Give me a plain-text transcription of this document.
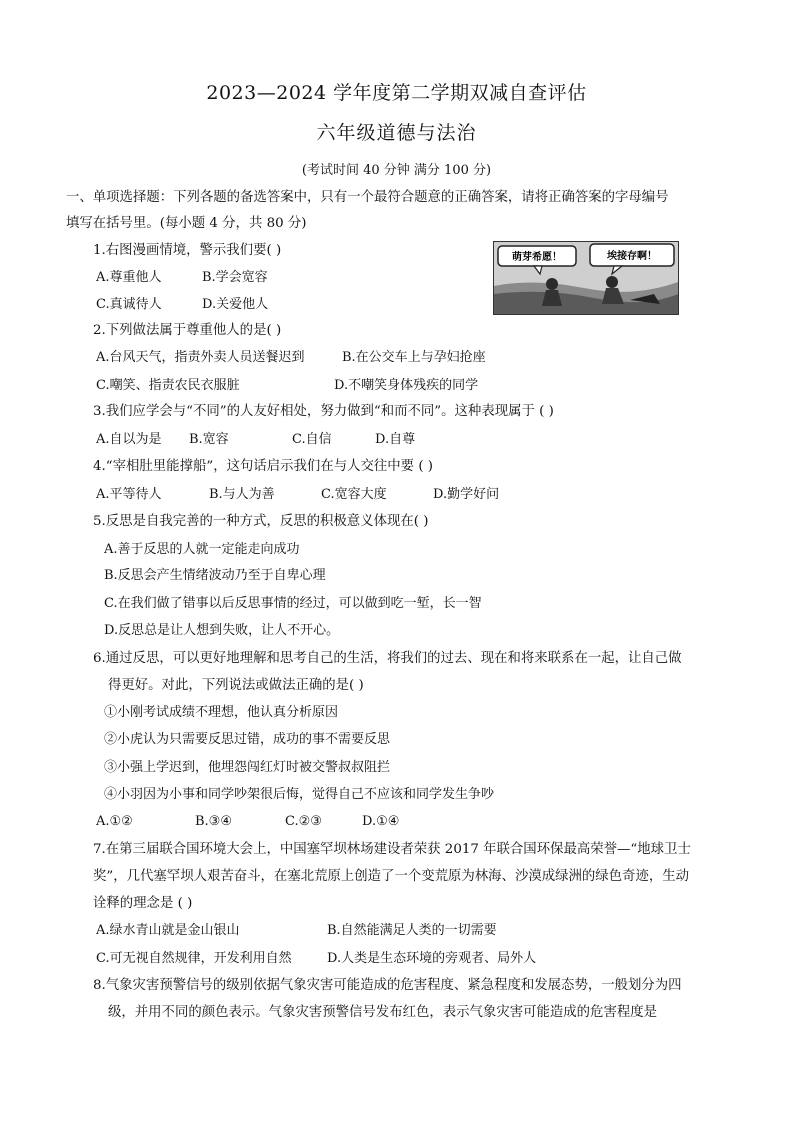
2023—2024 学年度第二学期双减自查评估
六年级道德与法治
(考试时间 40 分钟 满分 100 分)
一、单项选择题：下列各题的备选答案中，只有一个最符合题意的正确答案，请将正确答案的字母编号
填写在括号里。(每小题 4 分，共 80 分)
1.右图漫画情境，警示我们要( )
A.尊重他人	B.学会宽容
C.真诚待人	D.关爱他人
萌芽希愿！	埃接存啊！
2.下列做法属于尊重他人的是( )
A.台风天气，指责外卖人员送餐迟到	B.在公交车上与孕妇抢座
C.嘲笑、指责农民衣服脏	D.不嘲笑身体残疾的同学
3.我们应学会与“不同”的人友好相处，努力做到“和而不同”。这种表现属于 ( )
A.自以为是 B.宽容	C.自信	D.自尊
4.“宰相肚里能撑船”，这句话启示我们在与人交往中要 ( )
A.平等待人	B.与人为善	C.宽容大度	D.勤学好问
5.反思是自我完善的一种方式，反思的积极意义体现在( )
A.善于反思的人就一定能走向成功
B.反思会产生情绪波动乃至于自卑心理
C.在我们做了错事以后反思事情的经过，可以做到吃一堑，长一智
D.反思总是让人想到失败，让人不开心。
6.通过反思，可以更好地理解和思考自己的生活，将我们的过去、现在和将来联系在一起，让自己做
得更好。对此，下列说法或做法正确的是( )
①小刚考试成绩不理想，他认真分析原因
②小虎认为只需要反思过错，成功的事不需要反思
③小强上学迟到，他埋怨闯红灯时被交警叔叔阻拦
④小羽因为小事和同学吵架很后悔，觉得自己不应该和同学发生争吵
A.①②	B.③④	C.②③	D.①④
7.在第三届联合国环境大会上，中国塞罕坝林场建设者荣获 2017 年联合国环保最高荣誉—“地球卫士
奖”，几代塞罕坝人艰苦奋斗，在塞北荒原上创造了一个变荒原为林海、沙漠成绿洲的绿色奇迹，生动
诠释的理念是 ( )
A.绿水青山就是金山银山	B.自然能满足人类的一切需要
C.可无视自然规律，开发利用自然	D.人类是生态环境的旁观者、局外人
8.气象灾害预警信号的级别依据气象灾害可能造成的危害程度、紧急程度和发展态势，一般划分为四
级，并用不同的颜色表示。气象灾害预警信号发布红色，表示气象灾害可能造成的危害程度是
